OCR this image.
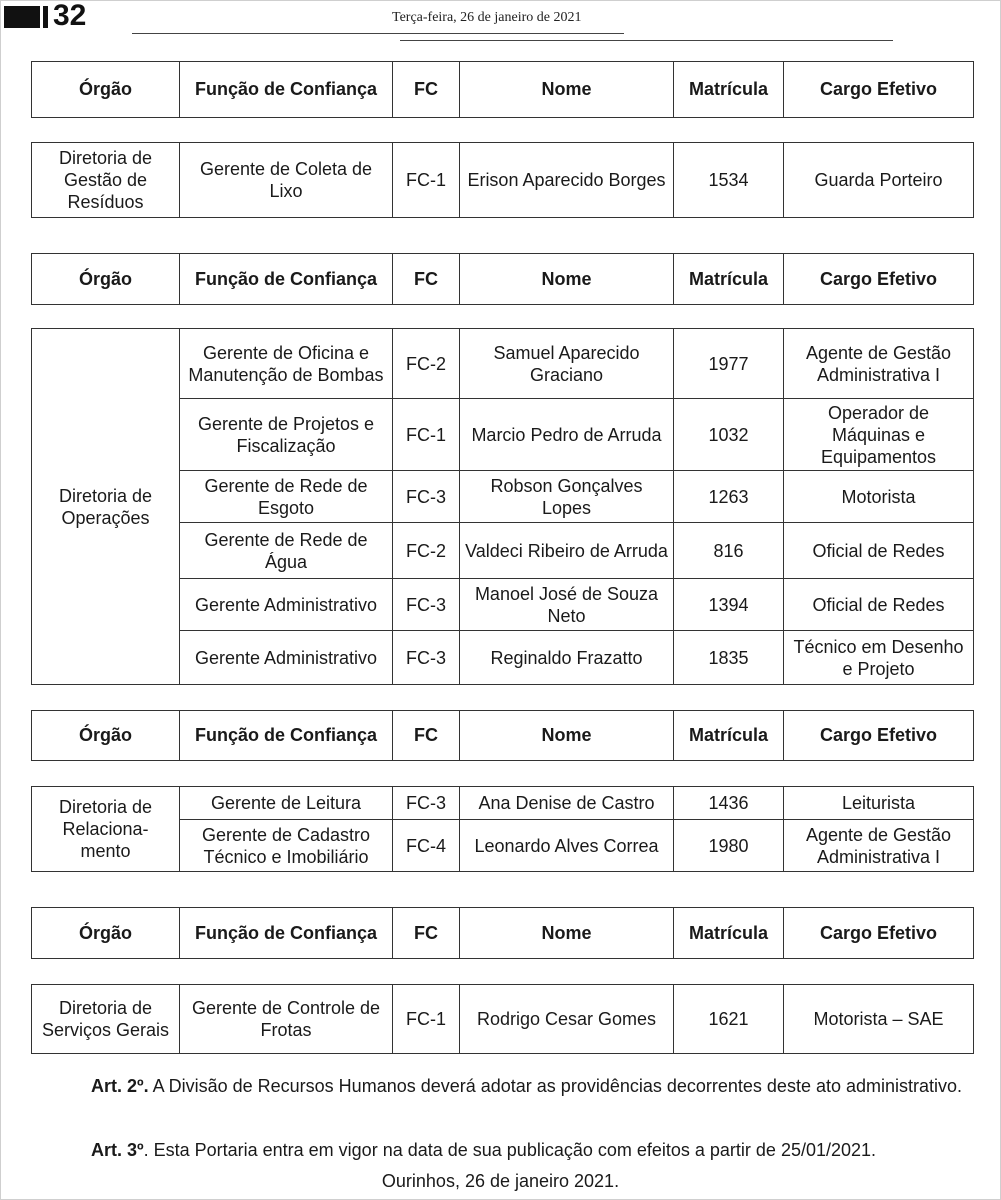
32	Terça-feira, 26 de janeiro de 2021
Órgão	Função de Confiança	FC	Nome	Matrícula	Cargo Efetivo
Diretoria de Gestão de Resíduos	Gerente de Coleta de Lixo	FC-1	Erison Aparecido Borges	1534	Guarda Porteiro
Órgão	Função de Confiança	FC	Nome	Matrícula	Cargo Efetivo
Diretoria de Operações	Gerente de Oficina e Manutenção de Bombas	FC-2	Samuel Aparecido Graciano	1977	Agente de Gestão Administrativa I
	Gerente de Projetos e Fiscalização	FC-1	Marcio Pedro de Arruda	1032	Operador de Máquinas e Equipamentos
	Gerente de Rede de Esgoto	FC-3	Robson Gonçalves Lopes	1263	Motorista
	Gerente de Rede de Água	FC-2	Valdeci Ribeiro de Arruda	816	Oficial de Redes
	Gerente Administrativo	FC-3	Manoel José de Souza Neto	1394	Oficial de Redes
	Gerente Administrativo	FC-3	Reginaldo Frazatto	1835	Técnico em Desenho e Projeto
Órgão	Função de Confiança	FC	Nome	Matrícula	Cargo Efetivo
Diretoria de Relaciona- mento	Gerente de Leitura	FC-3	Ana Denise de Castro	1436	Leiturista
	Gerente de Cadastro Técnico e Imobiliário	FC-4	Leonardo Alves Correa	1980	Agente de Gestão Administrativa I
Órgão	Função de Confiança	FC	Nome	Matrícula	Cargo Efetivo
Diretoria de Serviços Gerais	Gerente de Controle de Frotas	FC-1	Rodrigo Cesar Gomes	1621	Motorista – SAE
Art. 2º. A Divisão de Recursos Humanos deverá adotar as providências decorrentes deste ato administrativo.
Art. 3º. Esta Portaria entra em vigor na data de sua publicação com efeitos a partir de 25/01/2021.
Ourinhos, 26 de janeiro 2021.
